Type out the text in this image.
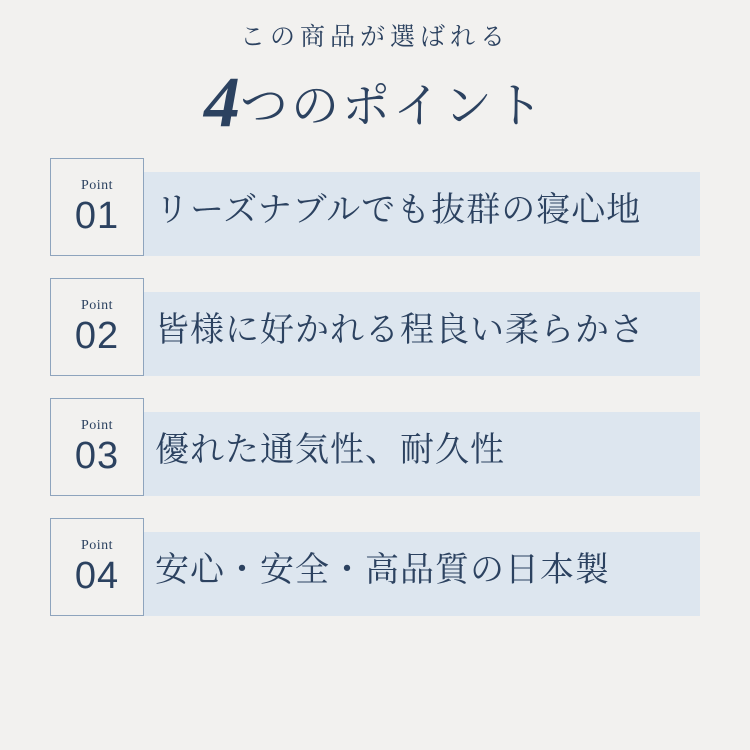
この商品が選ばれる
4つのポイント
Point
01 リーズナブルでも抜群の寝心地
Point
02 皆様に好かれる程良い柔らかさ
Point
03 優れた通気性、耐久性
Point
04 安心・安全・高品質の日本製
